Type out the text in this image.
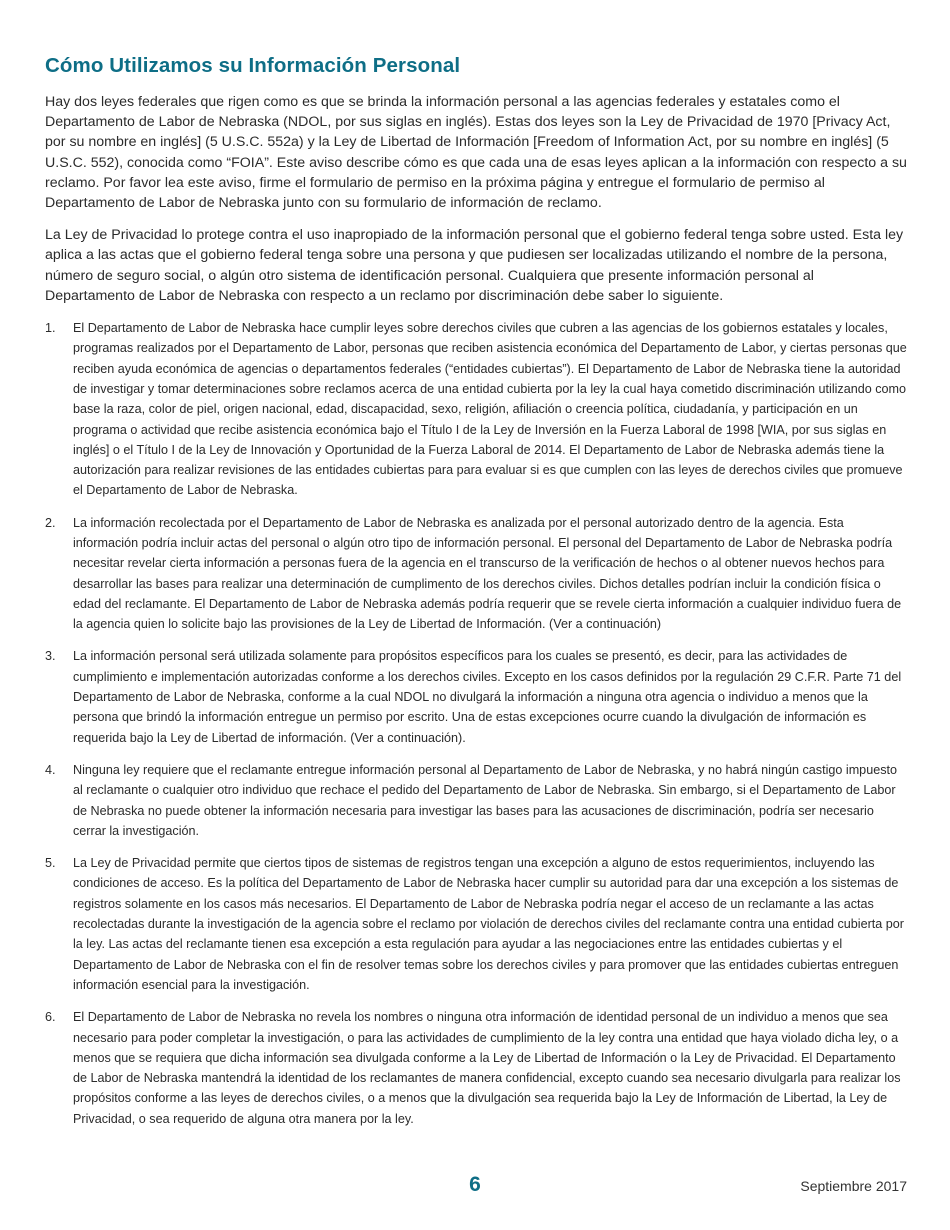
Cómo Utilizamos su Información Personal

Hay dos leyes federales que rigen como es que se brinda la información personal a las agencias federales y estatales como el Departamento de Labor de Nebraska (NDOL, por sus siglas en inglés). Estas dos leyes son la Ley de Privacidad de 1970 [Privacy Act, por su nombre en inglés] (5 U.S.C. 552a) y la Ley de Libertad de Información [Freedom of Information Act, por su nombre en inglés] (5 U.S.C. 552), conocida como “FOIA”. Este aviso describe cómo es que cada una de esas leyes aplican a la información con respecto a su reclamo. Por favor lea este aviso, firme el formulario de permiso en la próxima página y entregue el formulario de permiso al Departamento de Labor de Nebraska junto con su formulario de información de reclamo.

La Ley de Privacidad lo protege contra el uso inapropiado de la información personal que el gobierno federal tenga sobre usted. Esta ley aplica a las actas que el gobierno federal tenga sobre una persona y que pudiesen ser localizadas utilizando el nombre de la persona, número de seguro social, o algún otro sistema de identificación personal. Cualquiera que presente información personal al Departamento de Labor de Nebraska con respecto a un reclamo por discriminación debe saber lo siguiente.

1. El Departamento de Labor de Nebraska hace cumplir leyes sobre derechos civiles que cubren a las agencias de los gobiernos estatales y locales, programas realizados por el Departamento de Labor, personas que reciben asistencia económica del Departamento de Labor, y ciertas personas que reciben ayuda económica de agencias o departamentos federales (“entidades cubiertas”). El Departamento de Labor de Nebraska tiene la autoridad de investigar y tomar determinaciones sobre reclamos acerca de una entidad cubierta por la ley la cual haya cometido discriminación utilizando como base la raza, color de piel, origen nacional, edad, discapacidad, sexo, religión, afiliación o creencia política, ciudadanía, y participación en un programa o actividad que recibe asistencia económica bajo el Título I de la Ley de Inversión en la Fuerza Laboral de 1998 [WIA, por sus siglas en inglés] o el Título I de la Ley de Innovación y Oportunidad de la Fuerza Laboral de 2014. El Departamento de Labor de Nebraska además tiene la autorización para realizar revisiones de las entidades cubiertas para para evaluar si es que cumplen con las leyes de derechos civiles que promueve el Departamento de Labor de Nebraska.
2. La información recolectada por el Departamento de Labor de Nebraska es analizada por el personal autorizado dentro de la agencia. Esta información podría incluir actas del personal o algún otro tipo de información personal. El personal del Departamento de Labor de Nebraska podría necesitar revelar cierta información a personas fuera de la agencia en el transcurso de la verificación de hechos o al obtener nuevos hechos para desarrollar las bases para realizar una determinación de cumplimento de los derechos civiles. Dichos detalles podrían incluir la condición física o edad del reclamante. El Departamento de Labor de Nebraska además podría requerir que se revele cierta información a cualquier individuo fuera de la agencia quien lo solicite bajo las provisiones de la Ley de Libertad de Información. (Ver a continuación)
3. La información personal será utilizada solamente para propósitos específicos para los cuales se presentó, es decir, para las actividades de cumplimiento e implementación autorizadas conforme a los derechos civiles. Excepto en los casos definidos por la regulación 29 C.F.R. Parte 71 del Departamento de Labor de Nebraska, conforme a la cual NDOL no divulgará la información a ninguna otra agencia o individuo a menos que la persona que brindó la información entregue un permiso por escrito. Una de estas excepciones ocurre cuando la divulgación de información es requerida bajo la Ley de Libertad de información. (Ver a continuación).
4. Ninguna ley requiere que el reclamante entregue información personal al Departamento de Labor de Nebraska, y no habrá ningún castigo impuesto al reclamante o cualquier otro individuo que rechace el pedido del Departamento de Labor de Nebraska. Sin embargo, si el Departamento de Labor de Nebraska no puede obtener la información necesaria para investigar las bases para las acusaciones de discriminación, podría ser necesario cerrar la investigación.
5. La Ley de Privacidad permite que ciertos tipos de sistemas de registros tengan una excepción a alguno de estos requerimientos, incluyendo las condiciones de acceso. Es la política del Departamento de Labor de Nebraska hacer cumplir su autoridad para dar una excepción a los sistemas de registros solamente en los casos más necesarios. El Departamento de Labor de Nebraska podría negar el acceso de un reclamante a las actas recolectadas durante la investigación de la agencia sobre el reclamo por violación de derechos civiles del reclamante contra una entidad cubierta por la ley. Las actas del reclamante tienen esa excepción a esta regulación para ayudar a las negociaciones entre las entidades cubiertas y el Departamento de Labor de Nebraska con el fin de resolver temas sobre los derechos civiles y para promover que las entidades cubiertas entreguen información esencial para la investigación.
6. El Departamento de Labor de Nebraska no revela los nombres o ninguna otra información de identidad personal de un individuo a menos que sea necesario para poder completar la investigación, o para las actividades de cumplimiento de la ley contra una entidad que haya violado dicha ley, o a menos que se requiera que dicha información sea divulgada conforme a la Ley de Libertad de Información o la Ley de Privacidad. El Departamento de Labor de Nebraska mantendrá la identidad de los reclamantes de manera confidencial, excepto cuando sea necesario divulgarla para realizar los propósitos conforme a las leyes de derechos civiles, o a menos que la divulgación sea requerida bajo la Ley de Información de Libertad, la Ley de Privacidad, o sea requerido de alguna otra manera por la ley.
6	Septiembre 2017
